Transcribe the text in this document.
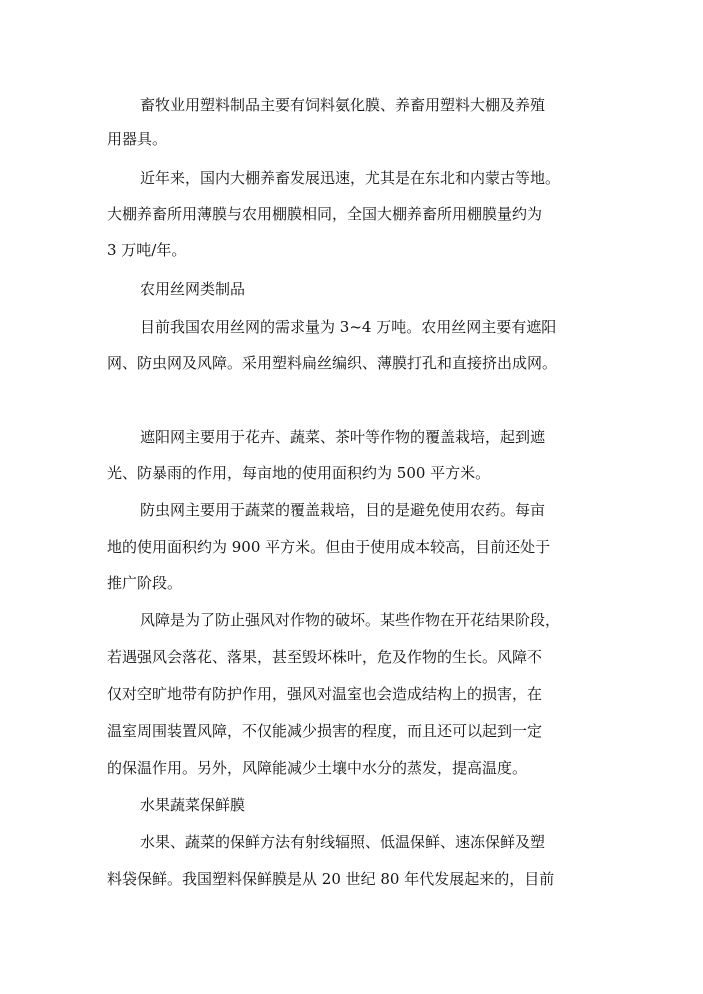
畜牧业用塑料制品主要有饲料氨化膜、养畜用塑料大棚及养殖
用器具。
近年来，国内大棚养畜发展迅速，尤其是在东北和内蒙古等地。
大棚养畜所用薄膜与农用棚膜相同，全国大棚养畜所用棚膜量约为
3 万吨/年。
农用丝网类制品
目前我国农用丝网的需求量为 3~4 万吨。农用丝网主要有遮阳
网、防虫网及风障。采用塑料扁丝编织、薄膜打孔和直接挤出成网。
遮阳网主要用于花卉、蔬菜、茶叶等作物的覆盖栽培，起到遮
光、防暴雨的作用，每亩地的使用面积约为 500 平方米。
防虫网主要用于蔬菜的覆盖栽培，目的是避免使用农药。每亩
地的使用面积约为 900 平方米。但由于使用成本较高，目前还处于
推广阶段。
风障是为了防止强风对作物的破坏。某些作物在开花结果阶段，
若遇强风会落花、落果，甚至毁坏株叶，危及作物的生长。风障不
仅对空旷地带有防护作用，强风对温室也会造成结构上的损害，在
温室周围装置风障，不仅能减少损害的程度，而且还可以起到一定
的保温作用。另外，风障能减少土壤中水分的蒸发，提高温度。
水果蔬菜保鲜膜
水果、蔬菜的保鲜方法有射线辐照、低温保鲜、速冻保鲜及塑
料袋保鲜。我国塑料保鲜膜是从 20 世纪 80 年代发展起来的，目前
